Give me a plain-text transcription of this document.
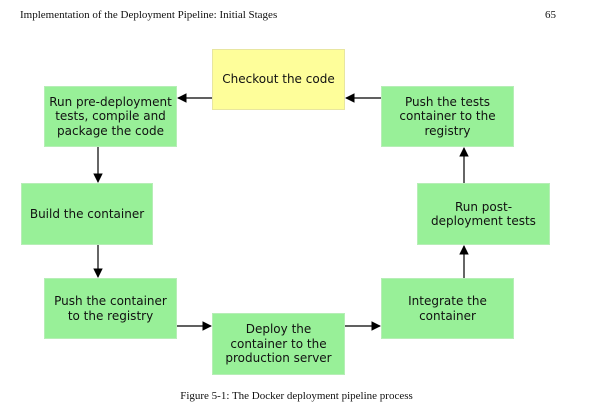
Implementation of the Deployment Pipeline: Initial Stages	65
Checkout the code
Run pre-deployment tests, compile and package the code
Push the tests container to the registry
Build the container
Run post-deployment tests
Push the container to the registry
Integrate the container
Deploy the container to the production server
Figure 5-1: The Docker deployment pipeline process
